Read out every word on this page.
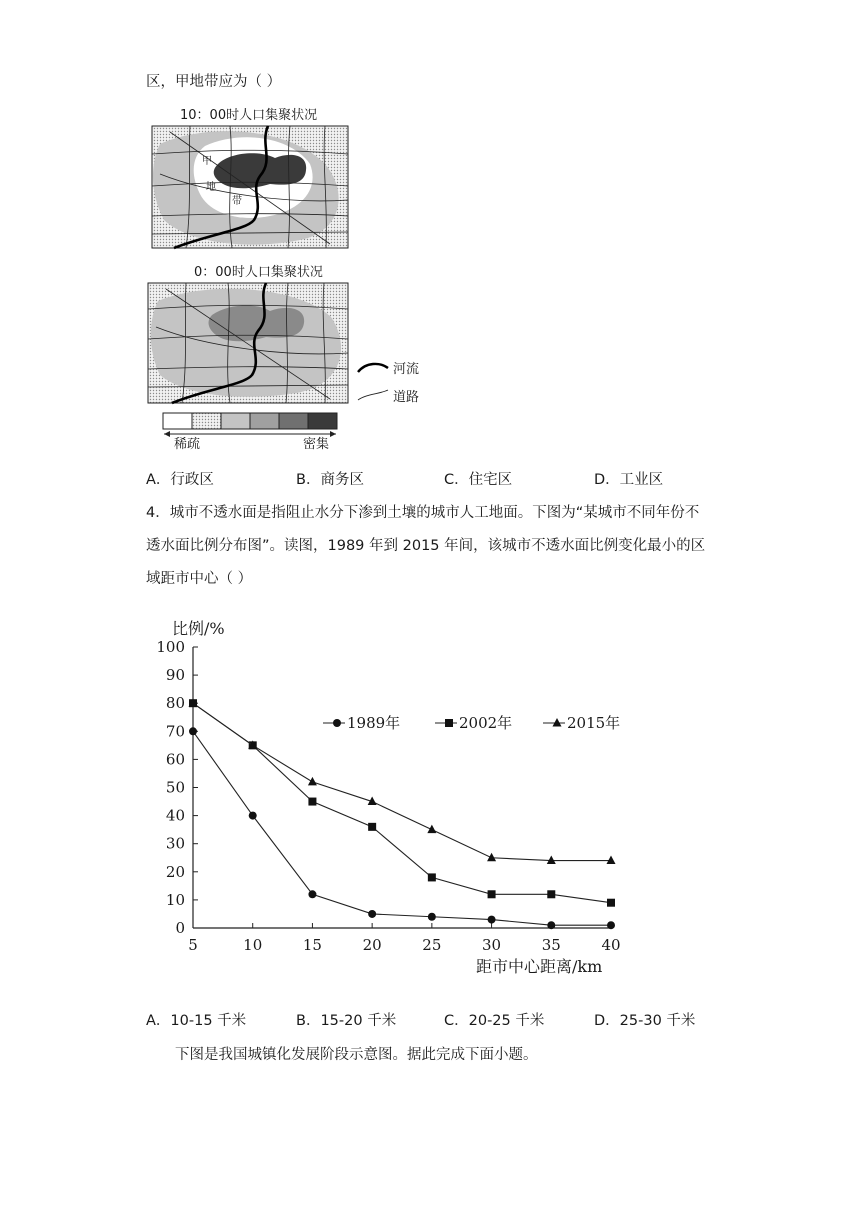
区，甲地带应为（ ）
10：00时人口集聚状况
甲
地
带
0：00时人口集聚状况
河流
道路
稀疏	密集
A．行政区	B．商务区	C．住宅区	D．工业区
4．城市不透水面是指阻止水分下渗到土壤的城市人工地面。下图为“某城市不同年份不
透水面比例分布图”。读图，1989 年到 2015 年间，该城市不透水面比例变化最小的区
域距市中心（ ）
比例/%
距市中心距离/km
0
10
20
30
40
50
60
70
80
90
100
5	10	15	20	25	30	35	40
1989年	2002年	2015年
A．10-15 千米	B．15-20 千米	C．20-25 千米	D．25-30 千米
下图是我国城镇化发展阶段示意图。据此完成下面小题。
